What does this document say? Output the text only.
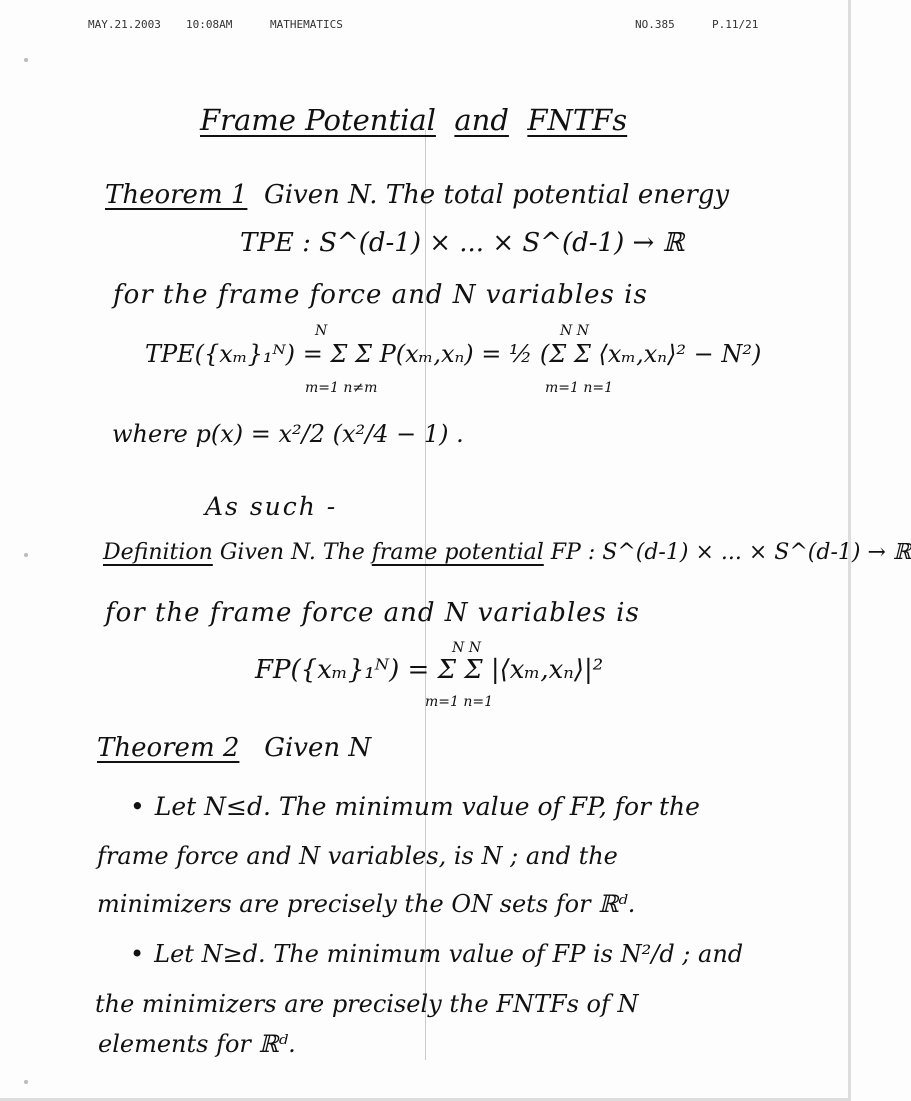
MAY.21.2003 10:08AM	MATHEMATICS	NO.385	P.11/21
Frame Potential and FNTFs
Theorem 1 Given N. The total potential energy
TPE : S^(d-1) × ... × S^(d-1) → ℝ
for the frame force and N variables is
N	N N
TPE({xₘ}₁ᴺ) = Σ Σ P(xₘ,xₙ) = ½ (Σ Σ ⟨xₘ,xₙ⟩² − N²)
m=1 n≠m	m=1 n=1
where p(x) = x²/2 (x²/4 − 1) .
As such -
Definition Given N. The frame potential FP : S^(d-1) × ... × S^(d-1) → ℝ
for the frame force and N variables is
N N
FP({xₘ}₁ᴺ) = Σ Σ |⟨xₘ,xₙ⟩|²
m=1 n=1
Theorem 2 Given N
• Let N≤d. The minimum value of FP, for the
frame force and N variables, is N ; and the
minimizers are precisely the ON sets for ℝᵈ.
• Let N≥d. The minimum value of FP is N²/d ; and
the minimizers are precisely the FNTFs of N
elements for ℝᵈ.
